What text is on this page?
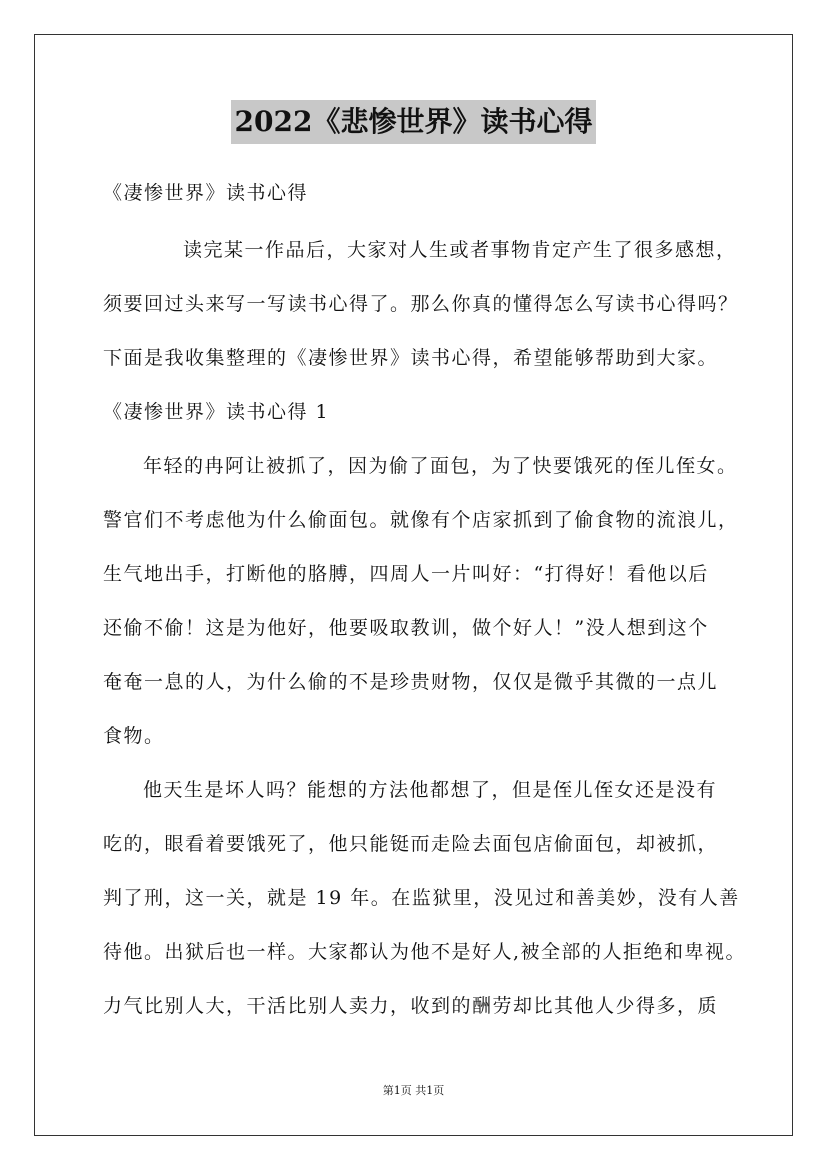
2022《悲惨世界》读书心得
《凄惨世界》读书心得
读完某一作品后，大家对人生或者事物肯定产生了很多感想，
须要回过头来写一写读书心得了。那么你真的懂得怎么写读书心得吗？
下面是我收集整理的《凄惨世界》读书心得，希望能够帮助到大家。
《凄惨世界》读书心得 1
年轻的冉阿让被抓了，因为偷了面包，为了快要饿死的侄儿侄女。
警官们不考虑他为什么偷面包。就像有个店家抓到了偷食物的流浪儿，
生气地出手，打断他的胳膊，四周人一片叫好：“打得好！看他以后
还偷不偷！这是为他好，他要吸取教训，做个好人！”没人想到这个
奄奄一息的人，为什么偷的不是珍贵财物，仅仅是微乎其微的一点儿
食物。
他天生是坏人吗？能想的方法他都想了，但是侄儿侄女还是没有
吃的，眼看着要饿死了，他只能铤而走险去面包店偷面包，却被抓，
判了刑，这一关，就是 19 年。在监狱里，没见过和善美妙，没有人善
待他。出狱后也一样。大家都认为他不是好人,被全部的人拒绝和卑视。
力气比别人大，干活比别人卖力，收到的酬劳却比其他人少得多，质
第1页 共1页
